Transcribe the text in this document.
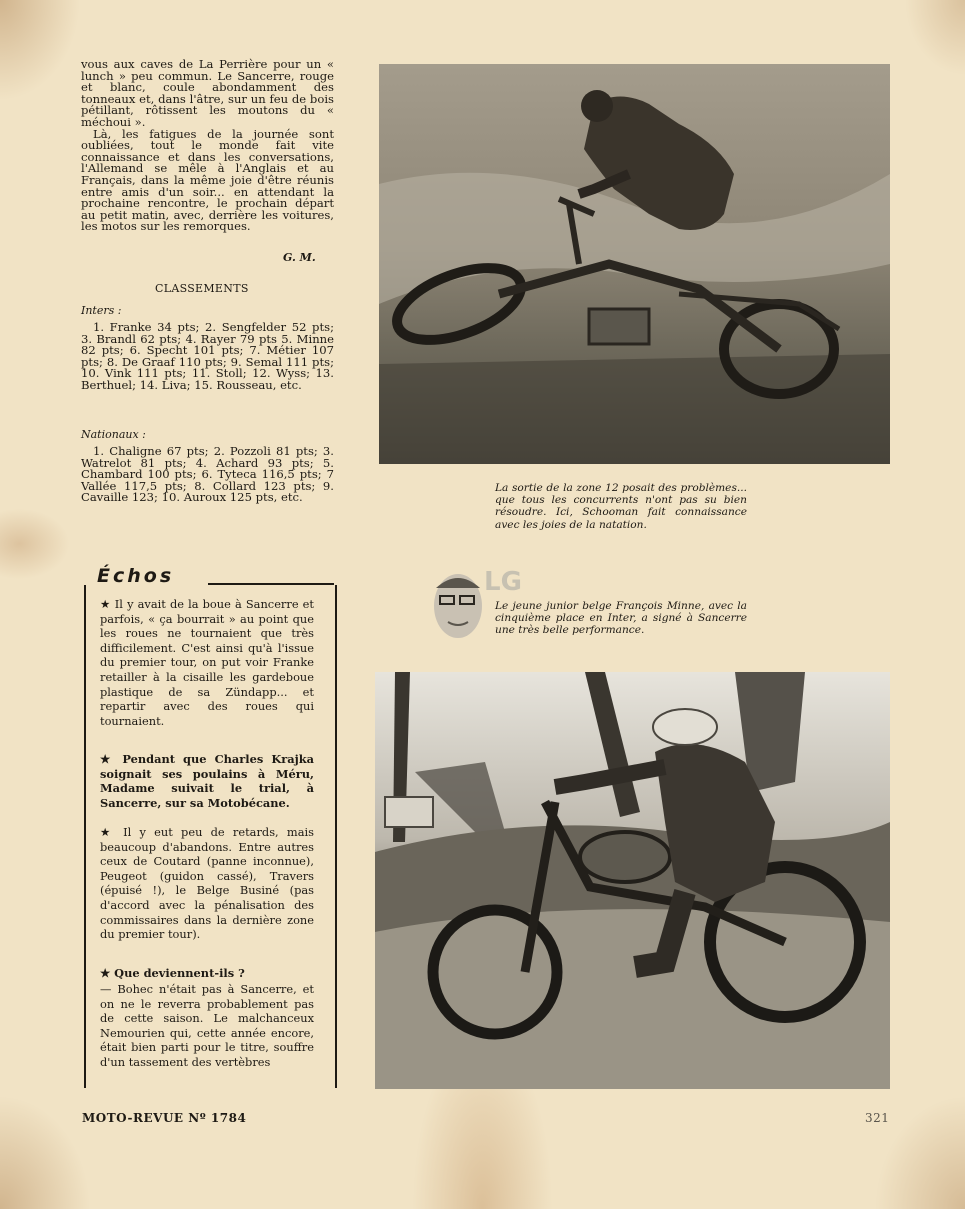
vous aux caves de La Perrière pour un « lunch » peu commun. Le Sancerre, rouge et blanc, coule abondamment des tonneaux et, dans l'âtre, sur un feu de bois pétillant, rôtissent les moutons du « méchoui ».

Là, les fatigues de la journée sont oubliées, tout le monde fait vite connaissance et dans les conversations, l'Allemand se mêle à l'Anglais et au Français, dans la même joie d'être réunis entre amis d'un soir... en attendant la prochaine rencontre, le prochain départ au petit matin, avec, derrière les voitures, les motos sur les remorques.

G. M.
CLASSEMENTS
Inters :
1. Franke 34 pts; 2. Sengfelder 52 pts; 3. Brandl 62 pts; 4. Rayer 79 pts 5. Minne 82 pts; 6. Specht 101 pts; 7. Métier 107 pts; 8. De Graaf 110 pts; 9. Semal 111 pts; 10. Vink 111 pts; 11. Stoll; 12. Wyss; 13. Berthuel; 14. Liva; 15. Rousseau, etc.
Nationaux :
1. Chaligne 67 pts; 2. Pozzoli 81 pts; 3. Watrelot 81 pts; 4. Achard 93 pts; 5. Chambard 100 pts; 6. Tyteca 116,5 pts; 7 Vallée 117,5 pts; 8. Collard 123 pts; 9. Cavaille 123; 10. Auroux 125 pts, etc.
Échos
★ Il y avait de la boue à Sancerre et parfois, « ça bourrait » au point que les roues ne tournaient que très difficilement. C'est ainsi qu'à l'issue du premier tour, on put voir Franke retailler à la cisaille les gardeboue plastique de sa Zündapp... et repartir avec des roues qui tournaient.
★ Pendant que Charles Krajka soignait ses poulains à Méru, Madame suivait le trial, à Sancerre, sur sa Motobécane.
★ Il y eut peu de retards, mais beaucoup d'abandons. Entre autres ceux de Coutard (panne inconnue), Peugeot (guidon cassé), Travers (épuisé !), le Belge Businé (pas d'accord avec la pénalisation des commissaires dans la dernière zone du premier tour).
★ Que deviennent-ils ?
— Bohec n'était pas à Sancerre, et on ne le reverra probablement pas de cette saison. Le malchanceux Nemourien qui, cette année encore, était bien parti pour le titre, souffre d'un tassement des vertèbres
La sortie de la zone 12 posait des problèmes... que tous les concurrents n'ont pas su bien résoudre. Ici, Schooman fait connaissance avec les joies de la natation.
LG
Le jeune junior belge François Minne, avec la cinquième place en Inter, a signé à Sancerre une très belle performance.
MOTO-REVUE Nº 1784	321
